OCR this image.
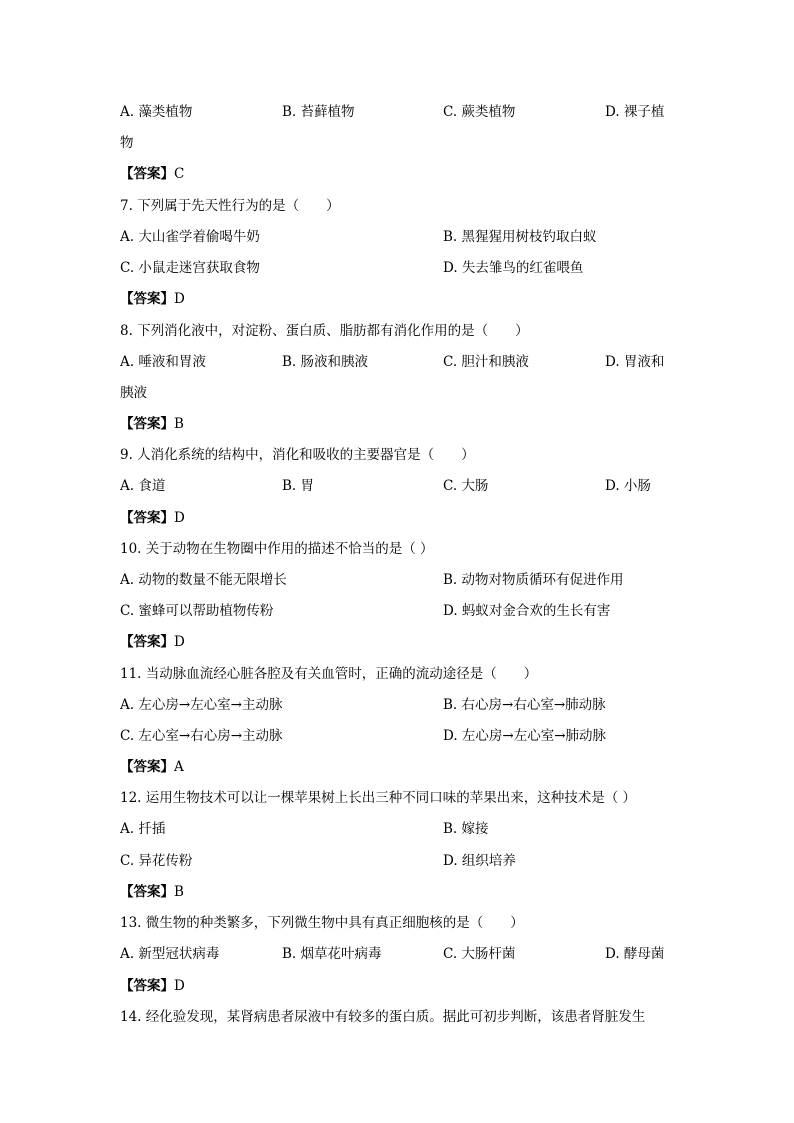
A. 藻类植物	B. 苔藓植物	C. 蕨类植物	D. 裸子植
物
【答案】C
7. 下列属于先天性行为的是（　　）
A. 大山雀学着偷喝牛奶	B. 黑猩猩用树枝钓取白蚁
C. 小鼠走迷宫获取食物	D. 失去雏鸟的红雀喂鱼
【答案】D
8. 下列消化液中，对淀粉、蛋白质、脂肪都有消化作用的是（　　）
A. 唾液和胃液	B. 肠液和胰液	C. 胆汁和胰液	D. 胃液和
胰液
【答案】B
9. 人消化系统的结构中，消化和吸收的主要器官是（　　）
A. 食道	B. 胃	C. 大肠	D. 小肠
【答案】D
10. 关于动物在生物圈中作用的描述不恰当的是（ ）
A. 动物的数量不能无限增长	B. 动物对物质循环有促进作用
C. 蜜蜂可以帮助植物传粉	D. 蚂蚁对金合欢的生长有害
【答案】D
11. 当动脉血流经心脏各腔及有关血管时，正确的流动途径是（　　）
A. 左心房→左心室→主动脉	B. 右心房→右心室→肺动脉
C. 左心室→右心房→主动脉	D. 左心房→左心室→肺动脉
【答案】A
12. 运用生物技术可以让一棵苹果树上长出三种不同口味的苹果出来，这种技术是（ ）
A. 扦插	B. 嫁接
C. 异花传粉	D. 组织培养
【答案】B
13. 微生物的种类繁多，下列微生物中具有真正细胞核的是（　　）
A. 新型冠状病毒	B. 烟草花叶病毒	C. 大肠杆菌	D. 酵母菌
【答案】D
14. 经化验发现，某肾病患者尿液中有较多的蛋白质。据此可初步判断，该患者肾脏发生
